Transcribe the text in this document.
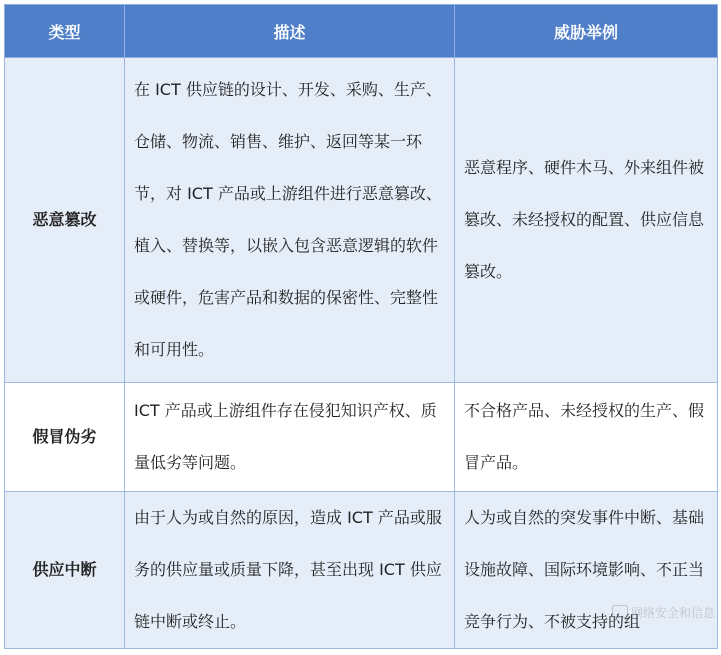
类型	描述	威胁举例
恶意篡改	在 ICT 供应链的设计、开发、采购、生产、仓储、物流、销售、维护、返回等某一环节，对 ICT 产品或上游组件进行恶意篡改、植入、替换等，以嵌入包含恶意逻辑的软件或硬件，危害产品和数据的保密性、完整性和可用性。	恶意程序、硬件木马、外来组件被篡改、未经授权的配置、供应信息篡改。
假冒伪劣	ICT 产品或上游组件存在侵犯知识产权、质量低劣等问题。	不合格产品、未经授权的生产、假冒产品。
供应中断	由于人为或自然的原因，造成 ICT 产品或服务的供应量或质量下降，甚至出现 ICT 供应链中断或终止。	人为或自然的突发事件中断、基础设施故障、国际环境影响、不正当竞争行为、不被支持的组
网络安全和信息
